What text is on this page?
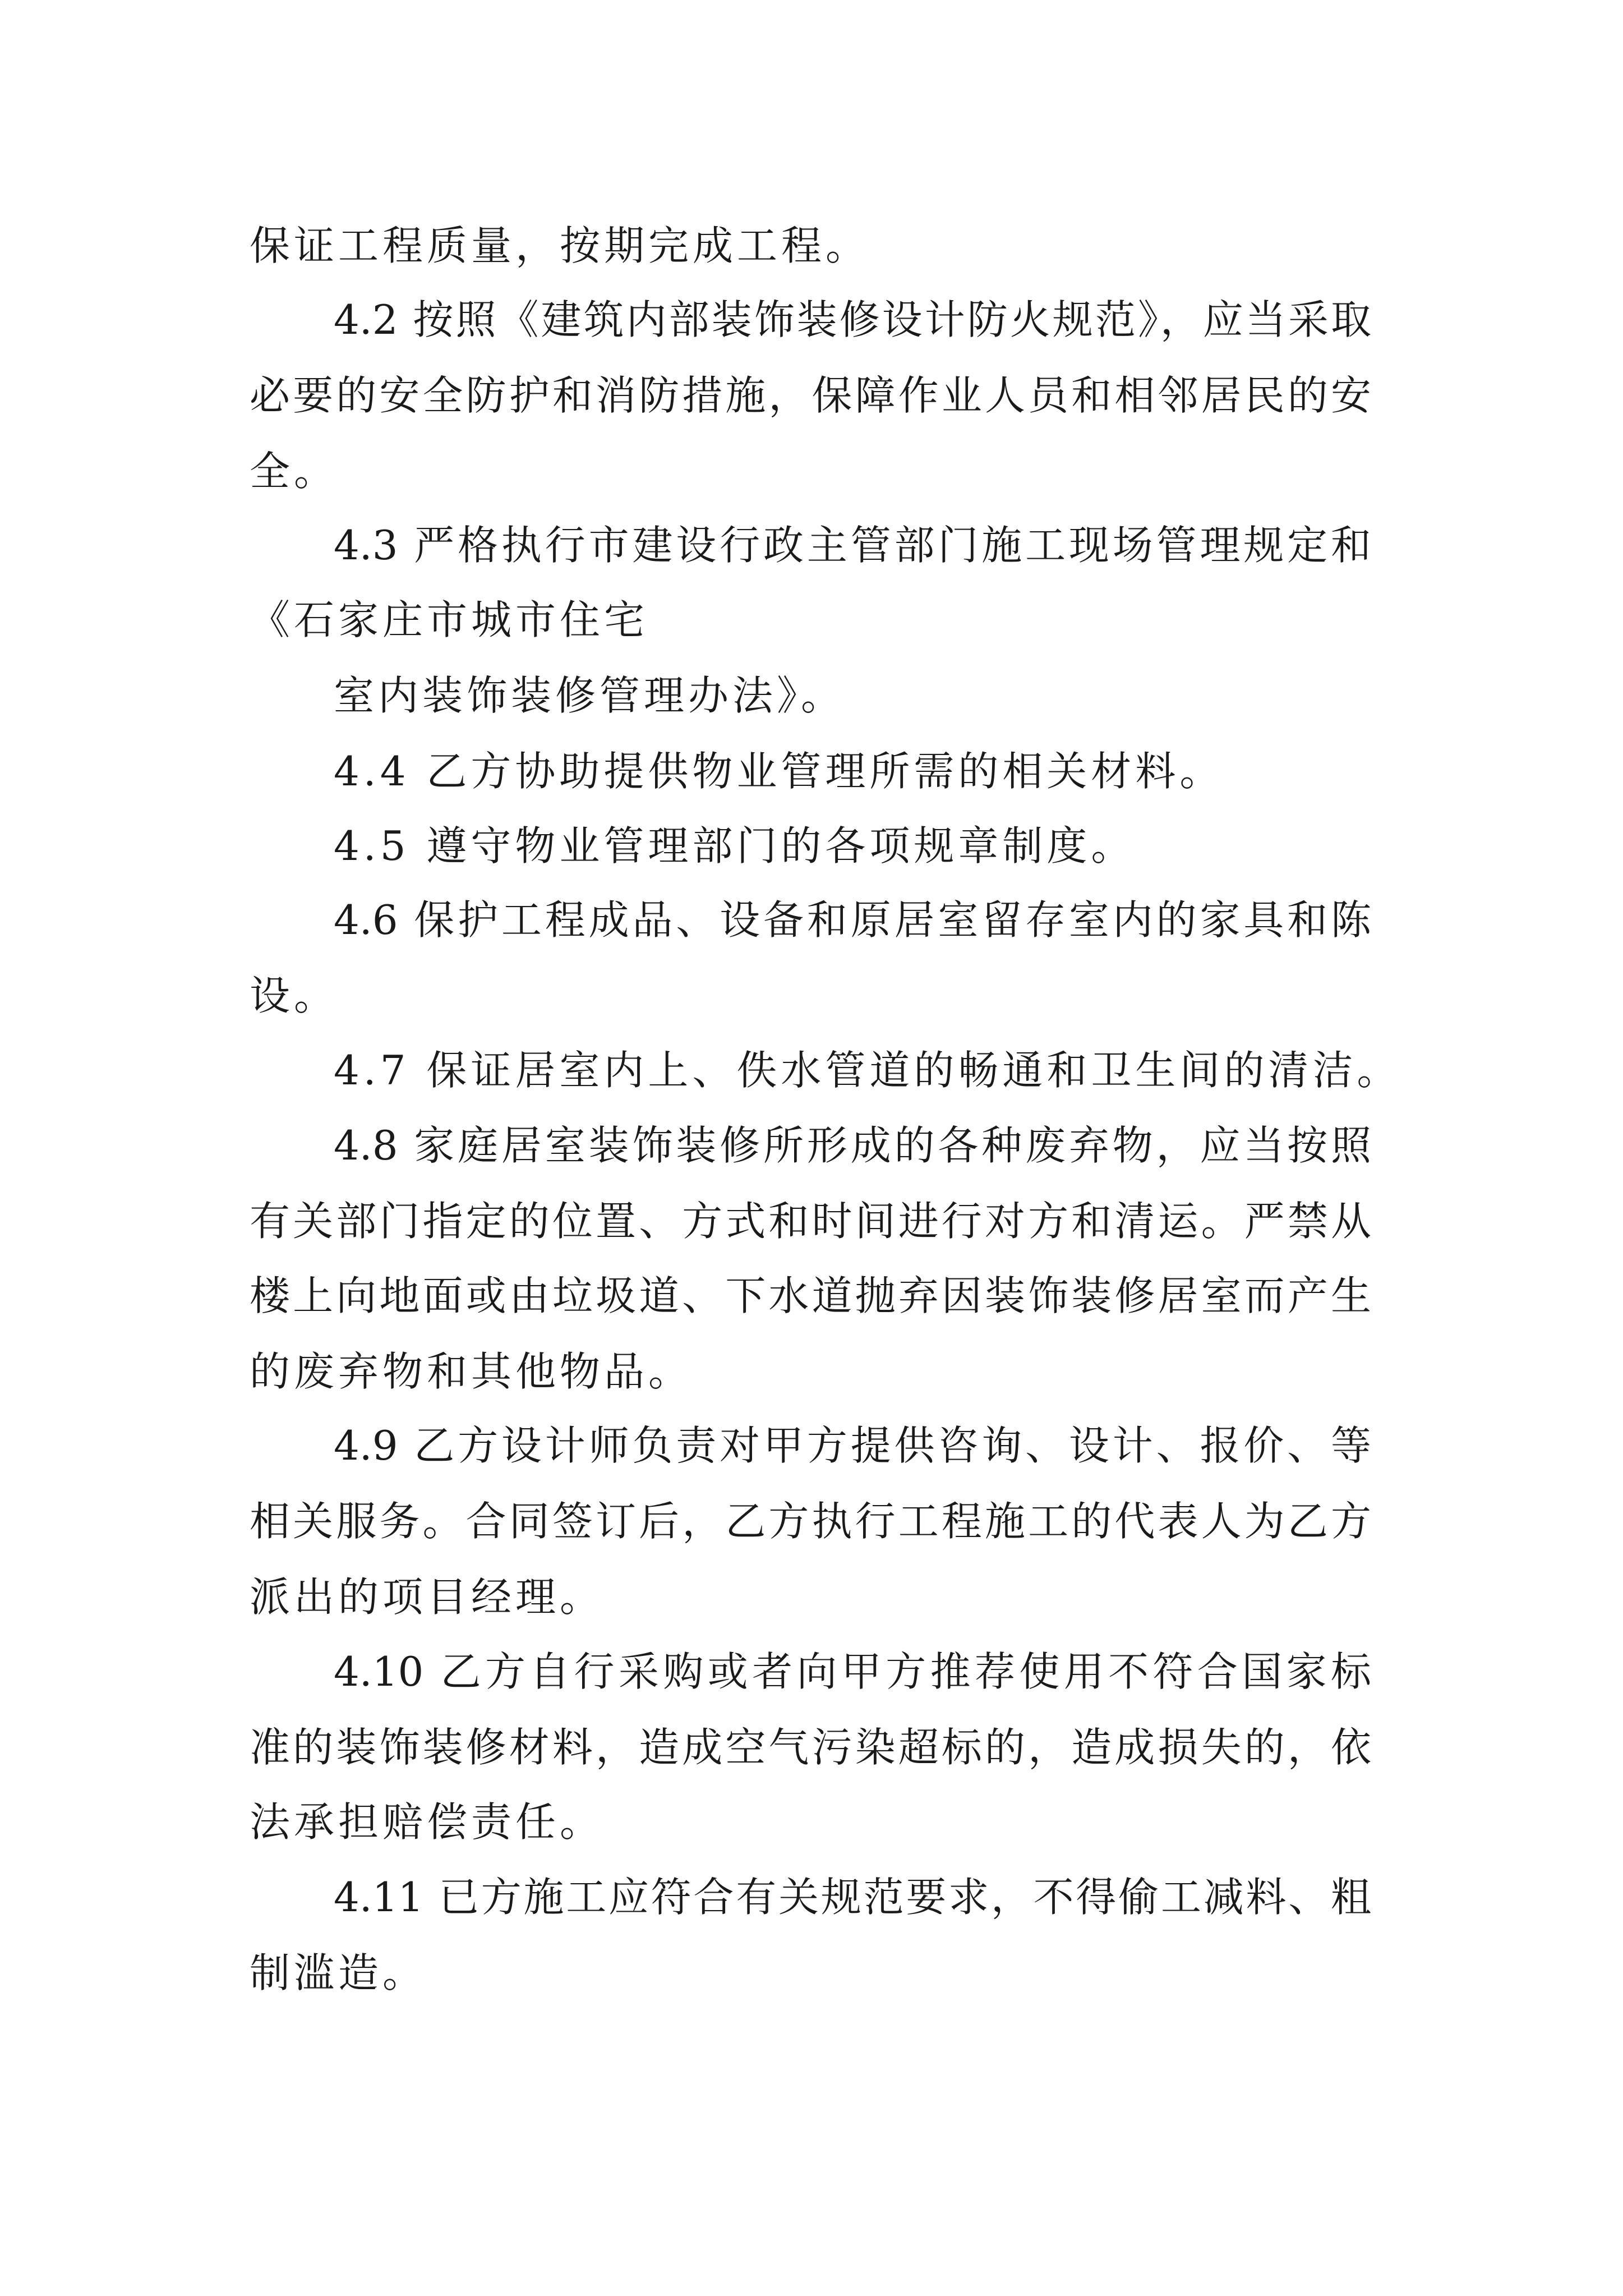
保证工程质量，按期完成工程。

4.2 按照《建筑内部装饰装修设计防火规范》，应当采取

必要的安全防护和消防措施，保障作业人员和相邻居民的安

全。

4.3 严格执行市建设行政主管部门施工现场管理规定和

《石家庄市城市住宅

室内装饰装修管理办法》。

4.4 乙方协助提供物业管理所需的相关材料。

4.5 遵守物业管理部门的各项规章制度。

4.6 保护工程成品、设备和原居室留存室内的家具和陈

设。

4.7 保证居室内上、佚水管道的畅通和卫生间的清洁。

4.8 家庭居室装饰装修所形成的各种废弃物，应当按照

有关部门指定的位置、方式和时间进行对方和清运。严禁从

楼上向地面或由垃圾道、下水道抛弃因装饰装修居室而产生

的废弃物和其他物品。

4.9 乙方设计师负责对甲方提供咨询、设计、报价、等

相关服务。合同签订后，乙方执行工程施工的代表人为乙方

派出的项目经理。

4.10 乙方自行采购或者向甲方推荐使用不符合国家标

准的装饰装修材料，造成空气污染超标的，造成损失的，依

法承担赔偿责任。

4.11 已方施工应符合有关规范要求，不得偷工减料、粗

制滥造。
